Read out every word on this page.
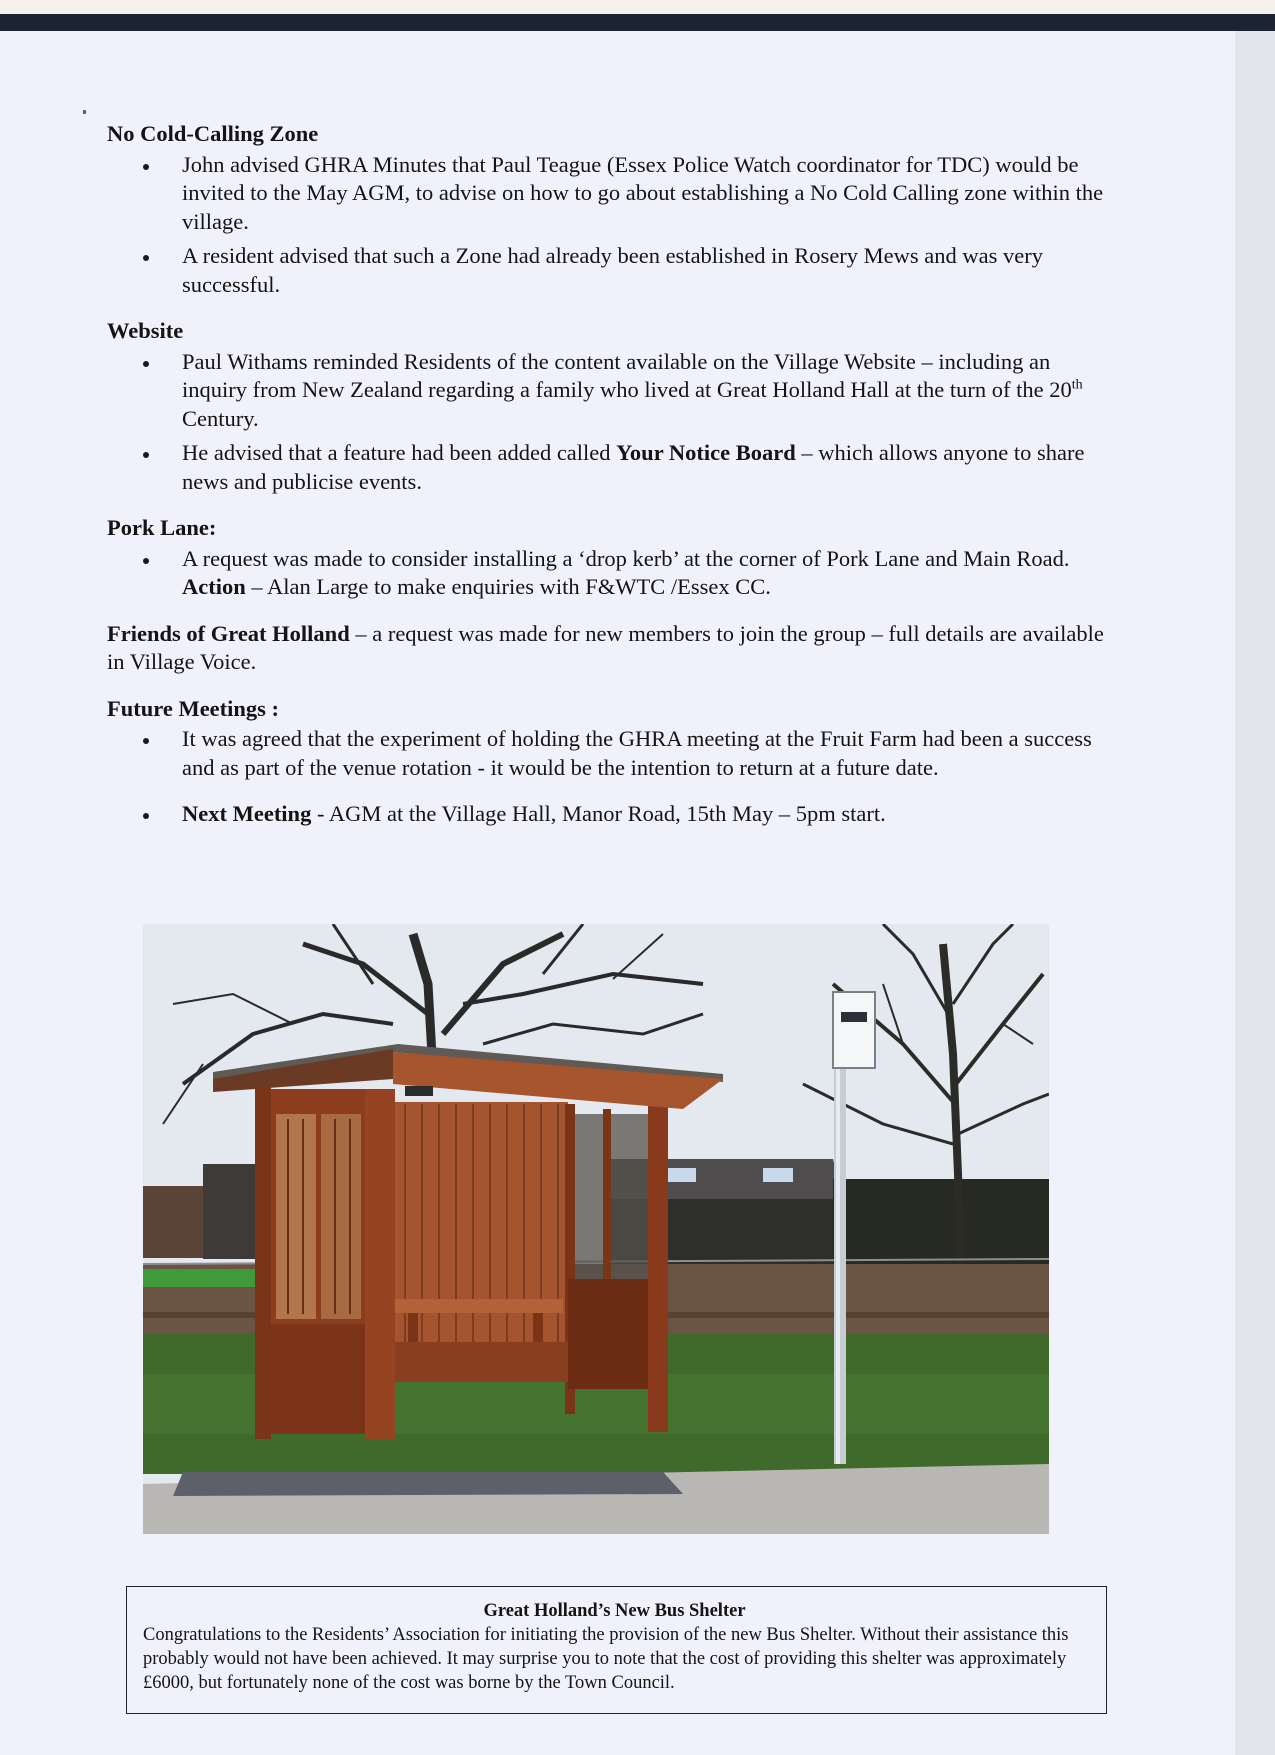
No Cold-Calling Zone

John advised GHRA Minutes that Paul Teague (Essex Police Watch coordinator for TDC) would be invited to the May AGM, to advise on how to go about establishing a No Cold Calling zone within the village.
A resident advised that such a Zone had already been established in Rosery Mews and was very successful.

Website

Paul Withams reminded Residents of the content available on the Village Website – including an inquiry from New Zealand regarding a family who lived at Great Holland Hall at the turn of the 20th Century.
He advised that a feature had been added called Your Notice Board – which allows anyone to share news and publicise events.

Pork Lane:

A request was made to consider installing a ‘drop kerb’ at the corner of Pork Lane and Main Road. Action – Alan Large to make enquiries with F&WTC /Essex CC.

Friends of Great Holland – a request was made for new members to join the group – full details are available in Village Voice.

Future Meetings :

It was agreed that the experiment of holding the GHRA meeting at the Fruit Farm had been a success and as part of the venue rotation - it would be the intention to return at a future date.
Next Meeting - AGM at the Village Hall, Manor Road, 15th May – 5pm start.
Great Holland’s New Bus Shelter
Congratulations to the Residents’ Association for initiating the provision of the new Bus Shelter. Without their assistance this probably would not have been achieved. It may surprise you to note that the cost of providing this shelter was approximately £6000, but fortunately none of the cost was borne by the Town Council.
